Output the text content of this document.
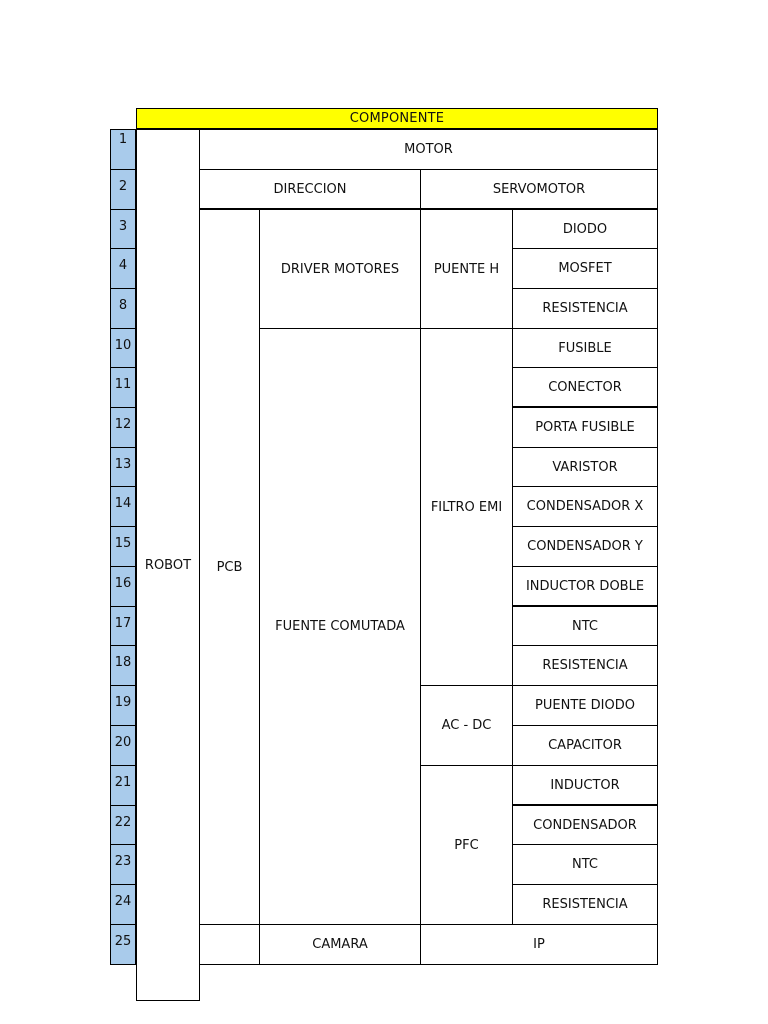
COMPONENTE
1
2
3
4
8
10
11
12
13
14
15
16
17
18
19
20
21
22
23
24
25
ROBOT
MOTOR
DIRECCION	SERVOMOTOR
PCB
DRIVER MOTORES
FUENTE COMUTADA
PUENTE H
FILTRO EMI
AC - DC
PFC
DIODO
MOSFET
RESISTENCIA
FUSIBLE
CONECTOR
PORTA FUSIBLE
VARISTOR
CONDENSADOR X
CONDENSADOR Y
INDUCTOR DOBLE
NTC
RESISTENCIA
PUENTE DIODO
CAPACITOR
INDUCTOR
CONDENSADOR
NTC
RESISTENCIA
CAMARA	IP
